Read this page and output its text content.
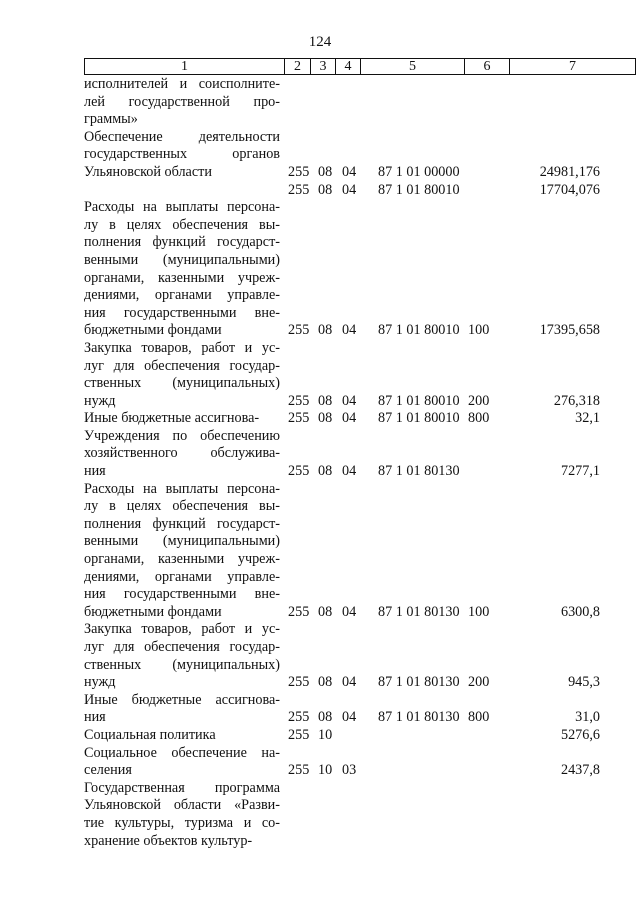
124
1	2	3	4	5	6	7
исполнителей и соисполните-
лей государственной про-
граммы»
Обеспечение деятельности
государственных органов
Ульяновской области	255 08 04	87 1 01 00000	24981,176
255 08 04	87 1 01 80010	17704,076
Расходы на выплаты персона-
лу в целях обеспечения вы-
полнения функций государст-
венными (муниципальными)
органами, казенными учреж-
дениями, органами управле-
ния государственными вне-
бюджетными фондами	255 08 04	87 1 01 80010 100	17395,658
Закупка товаров, работ и ус-
луг для обеспечения государ-
ственных (муниципальных)
нужд	255 08 04	87 1 01 80010 200	276,318
Иные бюджетные ассигнова-	255 08 04	87 1 01 80010 800	32,1
Учреждения по обеспечению
хозяйственного обслужива-
ния	255 08 04	87 1 01 80130	7277,1
Расходы на выплаты персона-
лу в целях обеспечения вы-
полнения функций государст-
венными (муниципальными)
органами, казенными учреж-
дениями, органами управле-
ния государственными вне-
бюджетными фондами	255 08 04	87 1 01 80130 100	6300,8
Закупка товаров, работ и ус-
луг для обеспечения государ-
ственных (муниципальных)
нужд	255 08 04	87 1 01 80130 200	945,3
Иные бюджетные ассигнова-
ния	255 08 04	87 1 01 80130 800	31,0
Социальная политика	255 10	5276,6
Социальное обеспечение на-
селения	255 10 03	2437,8
Государственная программа
Ульяновской области «Разви-
тие культуры, туризма и со-
хранение объектов культур-
